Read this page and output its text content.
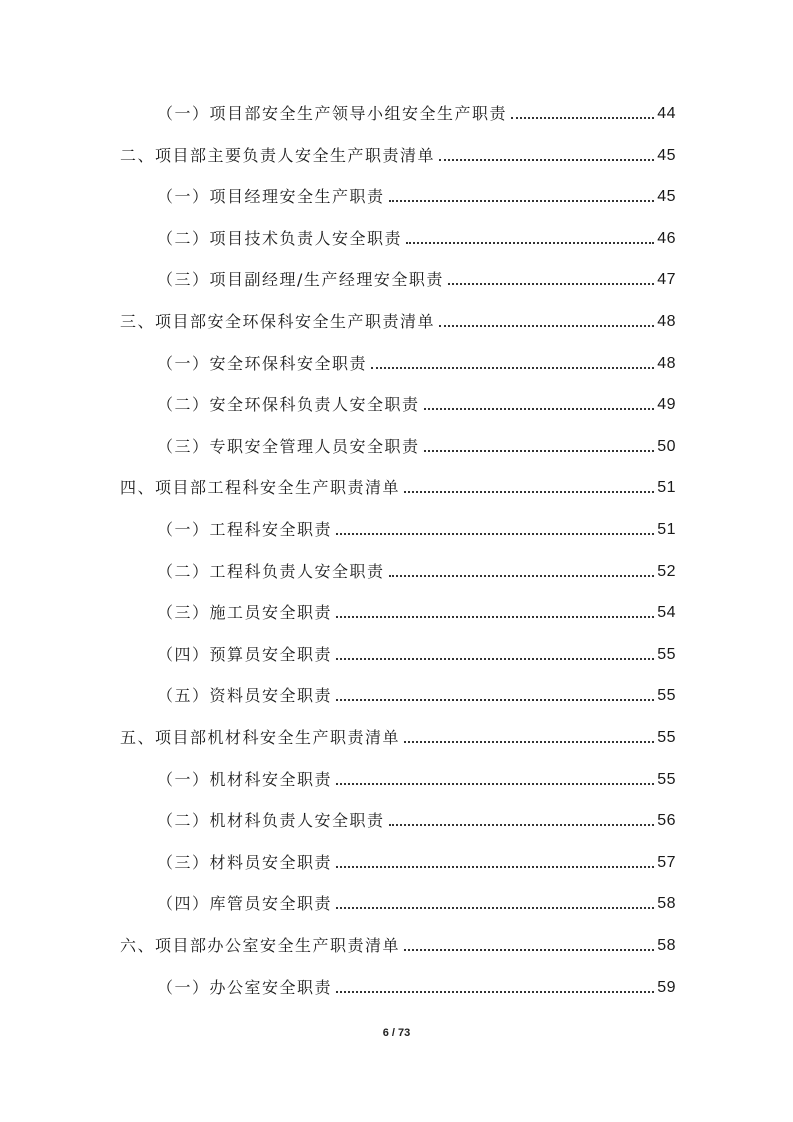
（一）项目部安全生产领导小组安全生产职责	44
二、项目部主要负责人安全生产职责清单	45
（一）项目经理安全生产职责	45
（二）项目技术负责人安全职责	46
（三）项目副经理/生产经理安全职责	47
三、项目部安全环保科安全生产职责清单	48
（一）安全环保科安全职责	48
（二）安全环保科负责人安全职责	49
（三）专职安全管理人员安全职责	50
四、项目部工程科安全生产职责清单	51
（一）工程科安全职责	51
（二）工程科负责人安全职责	52
（三）施工员安全职责	54
（四）预算员安全职责	55
（五）资料员安全职责	55
五、项目部机材科安全生产职责清单	55
（一）机材科安全职责	55
（二）机材科负责人安全职责	56
（三）材料员安全职责	57
（四）库管员安全职责	58
六、项目部办公室安全生产职责清单	58
（一）办公室安全职责	59
6 / 73
